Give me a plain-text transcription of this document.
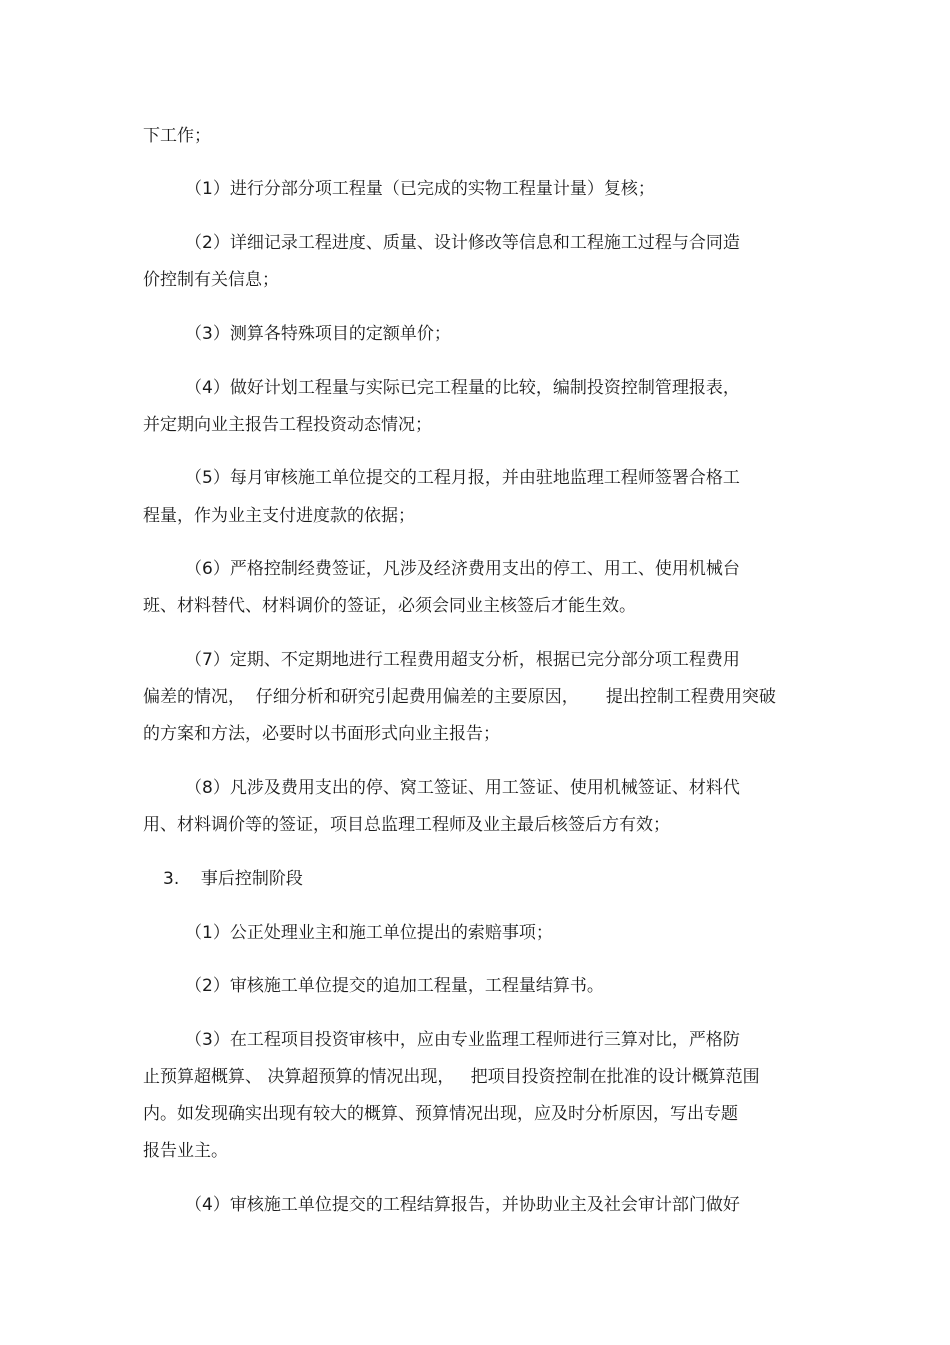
下工作；
（1）进行分部分项工程量（已完成的实物工程量计量）复核；
（2）详细记录工程进度、质量、设计修改等信息和工程施工过程与合同造
价控制有关信息；
（3）测算各特殊项目的定额单价；
（4）做好计划工程量与实际已完工程量的比较，编制投资控制管理报表，
并定期向业主报告工程投资动态情况；
（5）每月审核施工单位提交的工程月报，并由驻地监理工程师签署合格工
程量，作为业主支付进度款的依据；
（6）严格控制经费签证，凡涉及经济费用支出的停工、用工、使用机械台
班、材料替代、材料调价的签证，必须会同业主核签后才能生效。
（7）定期、不定期地进行工程费用超支分析，根据已完分部分项工程费用
偏差的情况，  仔细分析和研究引起费用偏差的主要原因，     提出控制工程费用突破
的方案和方法，必要时以书面形式向业主报告；
（8）凡涉及费用支出的停、窝工签证、用工签证、使用机械签证、材料代
用、材料调价等的签证，项目总监理工程师及业主最后核签后方有效；
3.    事后控制阶段
（1）公正处理业主和施工单位提出的索赔事项；
（2）审核施工单位提交的追加工程量，工程量结算书。
（3）在工程项目投资审核中，应由专业监理工程师进行三算对比，严格防
止预算超概算、 决算超预算的情况出现，   把项目投资控制在批准的设计概算范围
内。如发现确实出现有较大的概算、预算情况出现，应及时分析原因，写出专题
报告业主。
（4）审核施工单位提交的工程结算报告，并协助业主及社会审计部门做好
